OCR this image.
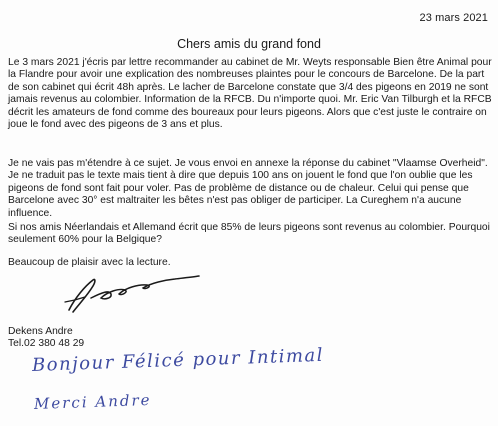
23 mars 2021
Chers amis du grand fond

Le 3 mars 2021 j'écris par lettre recommander au cabinet de Mr. Weyts responsable Bien être Animal pour la Flandre pour avoir une explication des nombreuses plaintes pour le concours de Barcelone. De la part de son cabinet qui écrit 48h après. Le lacher de Barcelone constate que 3/4 des pigeons en 2019 ne sont jamais revenus au colombier. Information de la RFCB. Du n'importe quoi. Mr. Eric Van Tilburgh et la RFCB décrit les amateurs de fond comme des boureaux pour leurs pigeons. Alors que c'est juste le contraire on joue le fond avec des pigeons de 3 ans et plus.

Je ne vais pas m'étendre à ce sujet. Je vous envoi en annexe la réponse du cabinet "Vlaamse Overheid". Je ne traduit pas le texte mais tient à dire que depuis 100 ans on jouent le fond que l'on oublie que les pigeons de fond sont fait pour voler. Pas de problème de distance ou de chaleur. Celui qui pense que Barcelone avec 30° est maltraiter les bêtes n'est pas obliger de participer. La Cureghem n'a aucune influence.

Si nos amis Néerlandais et Allemand écrit que 85% de leurs pigeons sont revenus au colombier. Pourquoi seulement 60% pour la Belgique?

Beaucoup de plaisir avec la lecture.

Dekens Andre
Tel.02 380 48 29
Bonjour Félicé pour Intimal
Merci Andre
